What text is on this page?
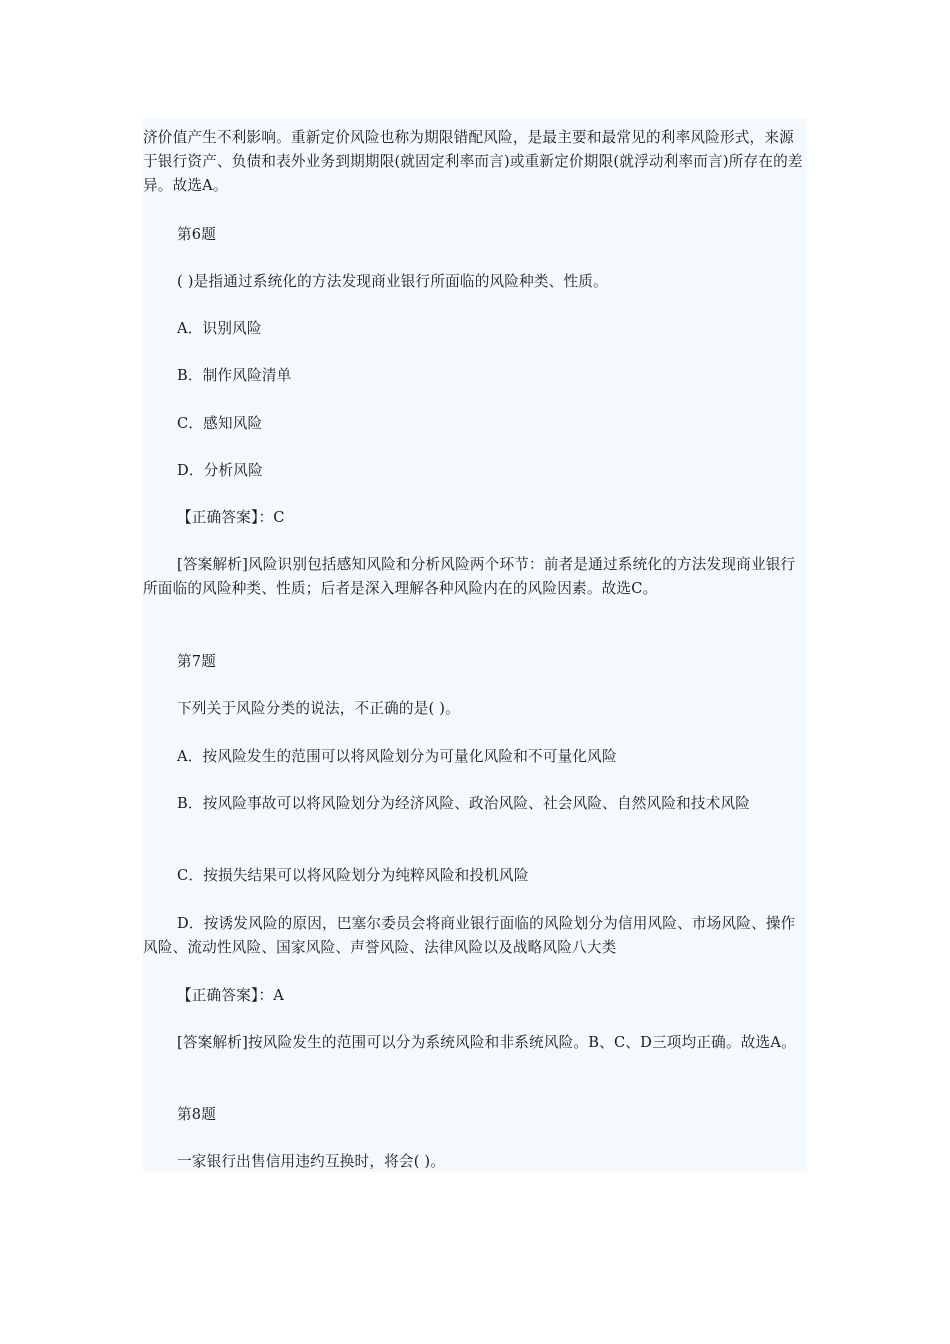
济价值产生不利影响。重新定价风险也称为期限错配风险，是最主要和最常见的利率风险形式，来源于银行资产、负债和表外业务到期期限(就固定利率而言)或重新定价期限(就浮动利率而言)所存在的差异。故选A。

第6题

( )是指通过系统化的方法发现商业银行所面临的风险种类、性质。

A．识别风险

B．制作风险清单

C．感知风险

D．分析风险

【正确答案】：C

[答案解析]风险识别包括感知风险和分析风险两个环节：前者是通过系统化的方法发现商业银行所面临的风险种类、性质；后者是深入理解各种风险内在的风险因素。故选C。

第7题

下列关于风险分类的说法，不正确的是( )。

A．按风险发生的范围可以将风险划分为可量化风险和不可量化风险

B．按风险事故可以将风险划分为经济风险、政治风险、社会风险、自然风险和技术风险

C．按损失结果可以将风险划分为纯粹风险和投机风险

D．按诱发风险的原因，巴塞尔委员会将商业银行面临的风险划分为信用风险、市场风险、操作风险、流动性风险、国家风险、声誉风险、法律风险以及战略风险八大类

【正确答案】：A

[答案解析]按风险发生的范围可以分为系统风险和非系统风险。B、C、D三项均正确。故选A。

第8题

一家银行出售信用违约互换时，将会( )。
